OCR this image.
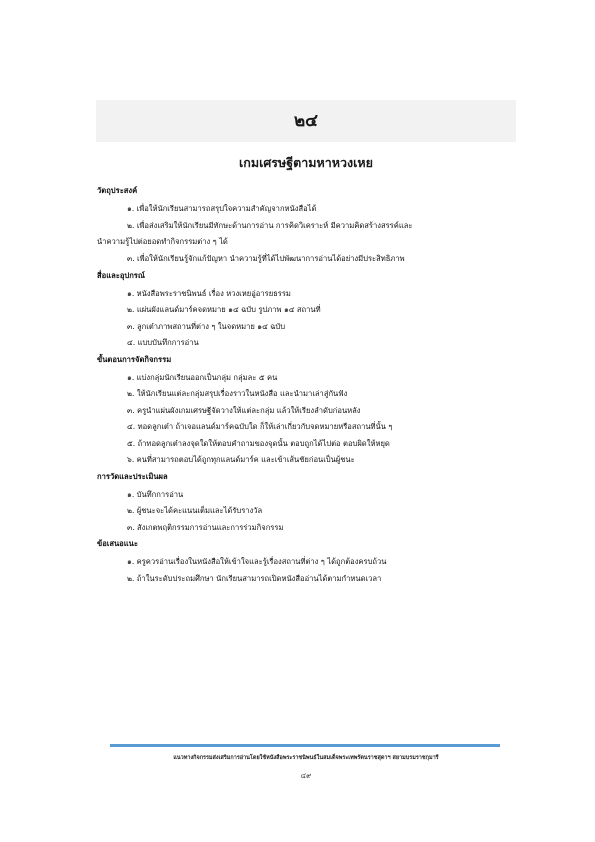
๒๔
เกมเศรษฐีตามหาหวงเหย
วัตถุประสงค์
๑. เพื่อให้นักเรียนสามารถสรุปใจความสำคัญจากหนังสือได้
๒. เพื่อส่งเสริมให้นักเรียนมีทักษะด้านการอ่าน การคิดวิเคราะห์ มีความคิดสร้างสรรค์และ
นำความรู้ไปต่อยอดทำกิจกรรมต่าง ๆ ได้
๓. เพื่อให้นักเรียนรู้จักแก้ปัญหา นำความรู้ที่ได้ไปพัฒนาการอ่านได้อย่างมีประสิทธิภาพ
สื่อและอุปกรณ์
๑. หนังสือพระราชนิพนธ์ เรื่อง หวงเหยอู่อารยธรรม
๒. แผ่นผังแลนด์มาร์คจดหมาย ๑๔ ฉบับ รูปภาพ ๑๔ สถานที่
๓. ลูกเต๋าภาพสถานที่ต่าง ๆ ในจดหมาย ๑๔ ฉบับ
๔. แบบบันทึกการอ่าน
ขั้นตอนการจัดกิจกรรม
๑. แบ่งกลุ่มนักเรียนออกเป็นกลุ่ม กลุ่มละ ๕ คน
๒. ให้นักเรียนแต่ละกลุ่มสรุปเรื่องราวในหนังสือ และนำมาเล่าสู่กันฟัง
๓. ครูนำแผ่นผังเกมเศรษฐีจัดวางให้แต่ละกลุ่ม แล้วให้เรียงลำดับก่อนหลัง
๔. ทอดลูกเต๋า ถ้าเจอแลนด์มาร์คฉบับใด ก็ให้เล่าเกี่ยวกับจดหมายหรือสถานที่นั้น ๆ
๕. ถ้าทอดลูกเต๋าลงจุดใดให้ตอบคำถามของจุดนั้น ตอบถูกได้ไปต่อ ตอบผิดให้หยุด
๖. คนที่สามารถตอบได้ถูกทุกแลนด์มาร์ค และเข้าเส้นชัยก่อนเป็นผู้ชนะ
การวัดและประเมินผล
๑. บันทึกการอ่าน
๒. ผู้ชนะจะได้คะแนนเต็มและได้รับรางวัล
๓. สังเกตพฤติกรรมการอ่านและการร่วมกิจกรรม
ข้อเสนอแนะ
๑. ครูควรอ่านเรื่องในหนังสือให้เข้าใจและรู้เรื่องสถานที่ต่าง ๆ ได้ถูกต้องครบถ้วน
๒. ถ้าในระดับประถมศึกษา นักเรียนสามารถเปิดหนังสืออ่านได้ตามกำหนดเวลา
แนวทางกิจกรรมส่งเสริมการอ่านโดยใช้หนังสือพระราชนิพนธ์ในสมเด็จพระเทพรัตนราชสุดาฯ สยามบรมราชกุมารี
๔๙
